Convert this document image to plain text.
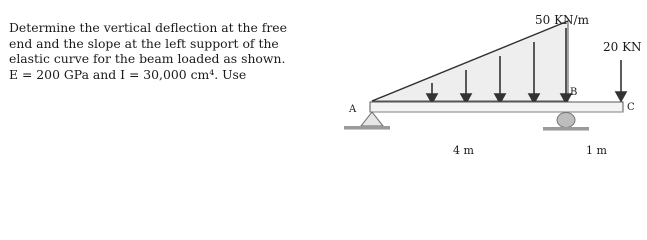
Determine the vertical deflection at the free
end and the slope at the left support of the
elastic curve for the beam loaded as shown.
E = 200 GPa and I = 30,000 cm⁴. Use
50 KN/m
20 KN
A
B
C
4 m	1 m
